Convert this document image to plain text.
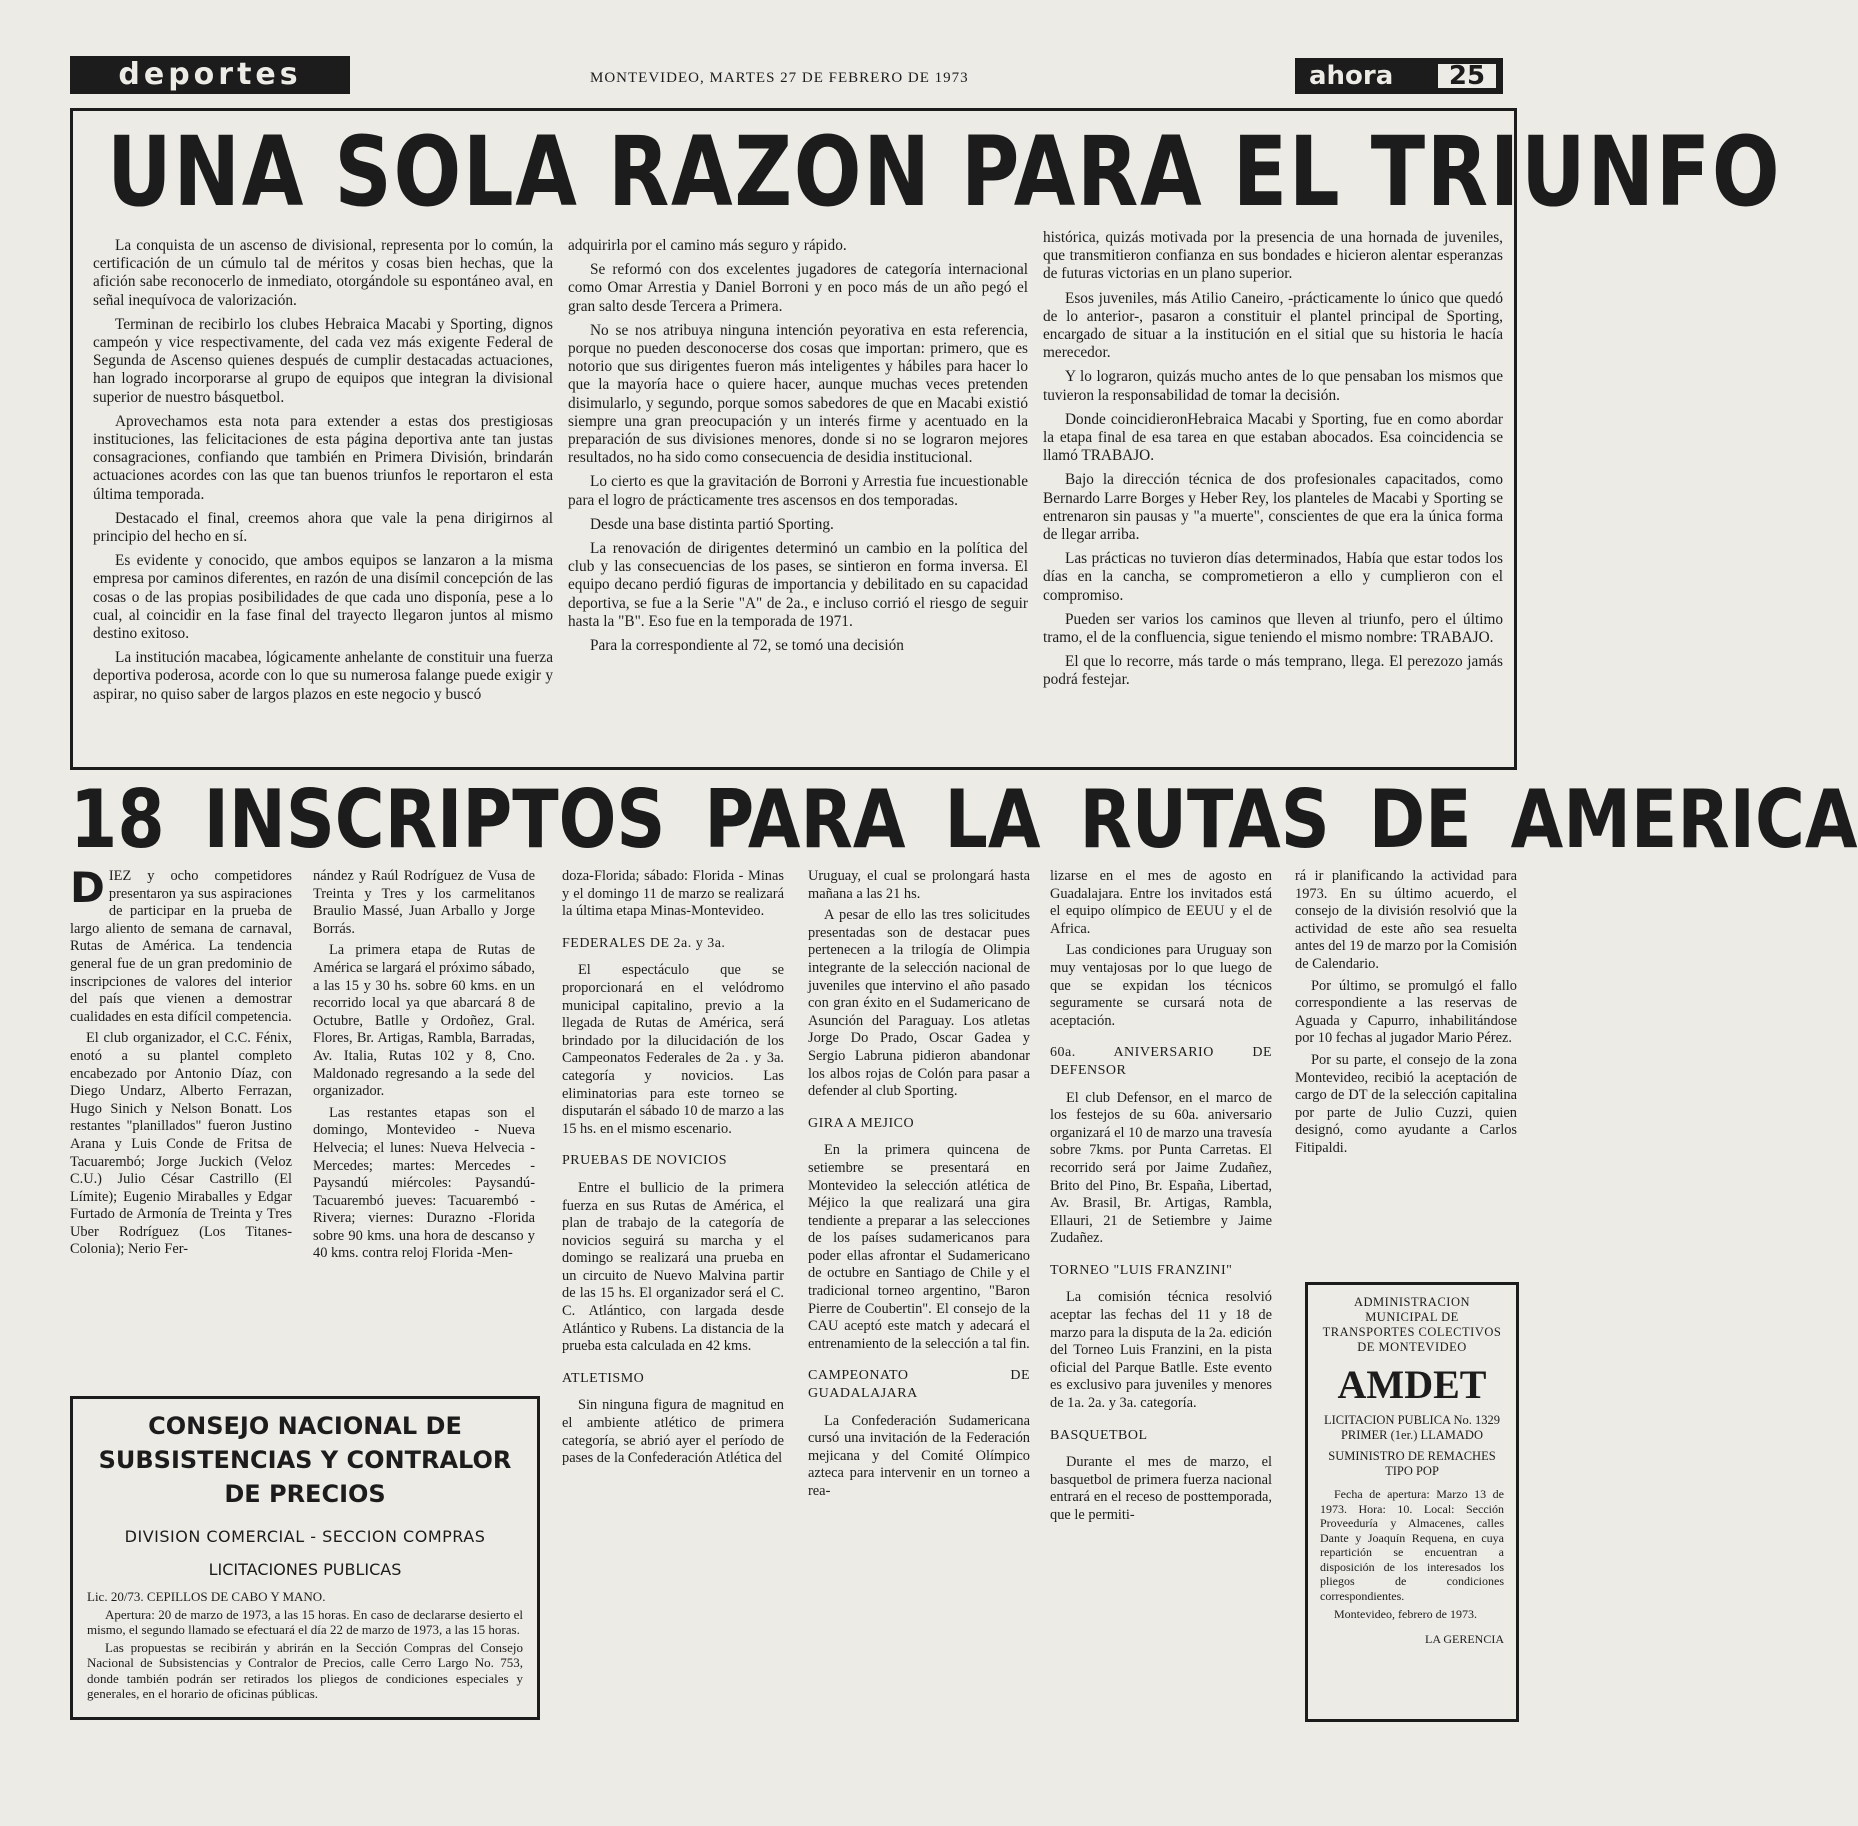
deportes	MONTEVIDEO, MARTES 27 DE FEBRERO DE 1973	ahora	25
UNA SOLA RAZON PARA EL TRIUNFO

La conquista de un ascenso de divisional, representa por lo común, la certificación de un cúmulo tal de méritos y cosas bien hechas, que la afición sabe reconocerlo de inmediato, otorgándole su espontáneo aval, en señal inequívoca de valorización.

Terminan de recibirlo los clubes Hebraica Macabi y Sporting, dignos campeón y vice respectivamente, del cada vez más exigente Federal de Segunda de Ascenso quienes después de cumplir destacadas actuaciones, han logrado incorporarse al grupo de equipos que integran la divisional superior de nuestro básquetbol.

Aprovechamos esta nota para extender a estas dos prestigiosas instituciones, las felicitaciones de esta página deportiva ante tan justas consagraciones, confiando que también en Primera División, brindarán actuaciones acordes con las que tan buenos triunfos le reportaron el esta última temporada.

Destacado el final, creemos ahora que vale la pena dirigirnos al principio del hecho en sí.

Es evidente y conocido, que ambos equipos se lanzaron a la misma empresa por caminos diferentes, en razón de una disímil concepción de las cosas o de las propias posibilidades de que cada uno disponía, pese a lo cual, al coincidir en la fase final del trayecto llegaron juntos al mismo destino exitoso.

La institución macabea, lógicamente anhelante de constituir una fuerza deportiva poderosa, acorde con lo que su numerosa falange puede exigir y aspirar, no quiso saber de largos plazos en este negocio y buscó

adquirirla por el camino más seguro y rápido.

Se reformó con dos excelentes jugadores de categoría internacional como Omar Arrestia y Daniel Borroni y en poco más de un año pegó el gran salto desde Tercera a Primera.

No se nos atribuya ninguna intención peyorativa en esta referencia, porque no pueden desconocerse dos cosas que importan: primero, que es notorio que sus dirigentes fueron más inteligentes y hábiles para hacer lo que la mayoría hace o quiere hacer, aunque muchas veces pretenden disimularlo, y segundo, porque somos sabedores de que en Macabi existió siempre una gran preocupación y un interés firme y acentuado en la preparación de sus divisiones menores, donde si no se lograron mejores resultados, no ha sido como consecuencia de desidia institucional.

Lo cierto es que la gravitación de Borroni y Arrestia fue incuestionable para el logro de prácticamente tres ascensos en dos temporadas.

Desde una base distinta partió Sporting.

La renovación de dirigentes determinó un cambio en la política del club y las consecuencias de los pases, se sintieron en forma inversa. El equipo decano perdió figuras de importancia y debilitado en su capacidad deportiva, se fue a la Serie "A" de 2a., e incluso corrió el riesgo de seguir hasta la "B". Eso fue en la temporada de 1971.

Para la correspondiente al 72, se tomó una decisión

histórica, quizás motivada por la presencia de una hornada de juveniles, que transmitieron confianza en sus bondades e hicieron alentar esperanzas de futuras victorias en un plano superior.

Esos juveniles, más Atilio Caneiro, -prácticamente lo único que quedó de lo anterior-, pasaron a constituir el plantel principal de Sporting, encargado de situar a la institución en el sitial que su historia le hacía merecedor.

Y lo lograron, quizás mucho antes de lo que pensaban los mismos que tuvieron la responsabilidad de tomar la decisión.

Donde coincidieronHebraica Macabi y Sporting, fue en como abordar la etapa final de esa tarea en que estaban abocados. Esa coincidencia se llamó TRABAJO.

Bajo la dirección técnica de dos profesionales capacitados, como Bernardo Larre Borges y Heber Rey, los planteles de Macabi y Sporting se entrenaron sin pausas y "a muerte", conscientes de que era la única forma de llegar arriba.

Las prácticas no tuvieron días determinados, Había que estar todos los días en la cancha, se comprometieron a ello y cumplieron con el compromiso.

Pueden ser varios los caminos que lleven al triunfo, pero el último tramo, el de la confluencia, sigue teniendo el mismo nombre: TRABAJO.

El que lo recorre, más tarde o más temprano, llega. El perezozo jamás podrá festejar.

18 INSCRIPTOS PARA LA RUTAS DE AMERICA

DIEZ y ocho competidores presentaron ya sus aspiraciones de participar en la prueba de largo aliento de semana de carnaval, Rutas de América. La tendencia general fue de un gran predominio de inscripciones de valores del interior del país que vienen a demostrar cualidades en esta difícil competencia.

El club organizador, el C.C. Fénix, enotó a su plantel completo encabezado por Antonio Díaz, con Diego Undarz, Alberto Ferrazan, Hugo Sinich y Nelson Bonatt. Los restantes "planillados" fueron Justino Arana y Luis Conde de Fritsa de Tacuarembó; Jorge Juckich (Veloz C.U.) Julio César Castrillo (El Límite); Eugenio Miraballes y Edgar Furtado de Armonía de Treinta y Tres Uber Rodríguez (Los Titanes-Colonia); Nerio Fer-

nández y Raúl Rodríguez de Vusa de Treinta y Tres y los carmelitanos Braulio Massé, Juan Arballo y Jorge Borrás.

La primera etapa de Rutas de América se largará el próximo sábado, a las 15 y 30 hs. sobre 60 kms. en un recorrido local ya que abarcará 8 de Octubre, Batlle y Ordoñez, Gral. Flores, Br. Artigas, Rambla, Barradas, Av. Italia, Rutas 102 y 8, Cno. Maldonado regresando a la sede del organizador.

Las restantes etapas son el domingo, Montevideo - Nueva Helvecia; el lunes: Nueva Helvecia - Mercedes; martes: Mercedes - Paysandú miércoles: Paysandú-Tacuarembó jueves: Tacuarembó - Rivera; viernes: Durazno -Florida sobre 90 kms. una hora de descanso y 40 kms. contra reloj Florida -Men-

doza-Florida; sábado: Florida - Minas y el domingo 11 de marzo se realizará la última etapa Minas-Montevideo.

FEDERALES DE 2a. y 3a.

El espectáculo que se proporcionará en el velódromo municipal capitalino, previo a la llegada de Rutas de América, será brindado por la dilucidación de los Campeonatos Federales de 2a . y 3a. categoría y novicios. Las eliminatorias para este torneo se disputarán el sábado 10 de marzo a las 15 hs. en el mismo escenario.

PRUEBAS DE NOVICIOS

Entre el bullicio de la primera fuerza en sus Rutas de América, el plan de trabajo de la categoría de novicios seguirá su marcha y el domingo se realizará una prueba en un circuito de Nuevo Malvina partir de las 15 hs. El organizador será el C. C. Atlántico, con largada desde Atlántico y Rubens. La distancia de la prueba esta calculada en 42 kms.

ATLETISMO

Sin ninguna figura de magnitud en el ambiente atlético de primera categoría, se abrió ayer el período de pases de la Confederación Atlética del

Uruguay, el cual se prolongará hasta mañana a las 21 hs.

A pesar de ello las tres solicitudes presentadas son de destacar pues pertenecen a la trilogía de Olimpia integrante de la selección nacional de juveniles que intervino el año pasado con gran éxito en el Sudamericano de Asunción del Paraguay. Los atletas Jorge Do Prado, Oscar Gadea y Sergio Labruna pidieron abandonar los albos rojas de Colón para pasar a defender al club Sporting.

GIRA A MEJICO

En la primera quincena de setiembre se presentará en Montevideo la selección atlética de Méjico la que realizará una gira tendiente a preparar a las selecciones de los países sudamericanos para poder ellas afrontar el Sudamericano de octubre en Santiago de Chile y el tradicional torneo argentino, "Baron Pierre de Coubertin". El consejo de la CAU aceptó este match y adecará el entrenamiento de la selección a tal fin.

CAMPEONATO DE GUADALAJARA

La Confederación Sudamericana cursó una invitación de la Federación mejicana y del Comité Olímpico azteca para intervenir en un torneo a rea-

lizarse en el mes de agosto en Guadalajara. Entre los invitados está el equipo olímpico de EEUU y el de Africa.

Las condiciones para Uruguay son muy ventajosas por lo que luego de que se expidan los técnicos seguramente se cursará nota de aceptación.

60a. ANIVERSARIO DE DEFENSOR

El club Defensor, en el marco de los festejos de su 60a. aniversario organizará el 10 de marzo una travesía sobre 7kms. por Punta Carretas. El recorrido será por Jaime Zudañez, Brito del Pino, Br. España, Libertad, Av. Brasil, Br. Artigas, Rambla, Ellauri, 21 de Setiembre y Jaime Zudañez.

TORNEO "LUIS FRANZINI"

La comisión técnica resolvió aceptar las fechas del 11 y 18 de marzo para la disputa de la 2a. edición del Torneo Luis Franzini, en la pista oficial del Parque Batlle. Este evento es exclusivo para juveniles y menores de 1a. 2a. y 3a. categoría.

BASQUETBOL

Durante el mes de marzo, el basquetbol de primera fuerza nacional entrará en el receso de posttemporada, que le permiti-

rá ir planificando la actividad para 1973. En su último acuerdo, el consejo de la división resolvió que la actividad de este año sea resuelta antes del 19 de marzo por la Comisión de Calendario.

Por último, se promulgó el fallo correspondiente a las reservas de Aguada y Capurro, inhabilitándose por 10 fechas al jugador Mario Pérez.

Por su parte, el consejo de la zona Montevideo, recibió la aceptación de cargo de DT de la selección capitalina por parte de Julio Cuzzi, quien designó, como ayudante a Carlos Fitipaldi.

CONSEJO NACIONAL DE
SUBSISTENCIAS Y CONTRALOR
DE PRECIOS
DIVISION COMERCIAL - SECCION COMPRAS
LICITACIONES PUBLICAS

Lic. 20/73. CEPILLOS DE CABO Y MANO.

Apertura: 20 de marzo de 1973, a las 15 horas. En caso de declararse desierto el mismo, el segundo llamado se efectuará el día 22 de marzo de 1973, a las 15 horas.

Las propuestas se recibirán y abrirán en la Sección Compras del Consejo Nacional de Subsistencias y Contralor de Precios, calle Cerro Largo No. 753, donde también podrán ser retirados los pliegos de condiciones especiales y generales, en el horario de oficinas públicas.

ADMINISTRACION MUNICIPAL DE TRANSPORTES COLECTIVOS DE MONTEVIDEO
AMDET
LICITACION PUBLICA No. 1329 PRIMER (1er.) LLAMADO
SUMINISTRO DE REMACHES TIPO POP

Fecha de apertura: Marzo 13 de 1973. Hora: 10. Local: Sección Proveeduría y Almacenes, calles Dante y Joaquín Requena, en cuya repartición se encuentran a disposición de los interesados los pliegos de condiciones correspondientes.

Montevideo, febrero de 1973.

LA GERENCIA
